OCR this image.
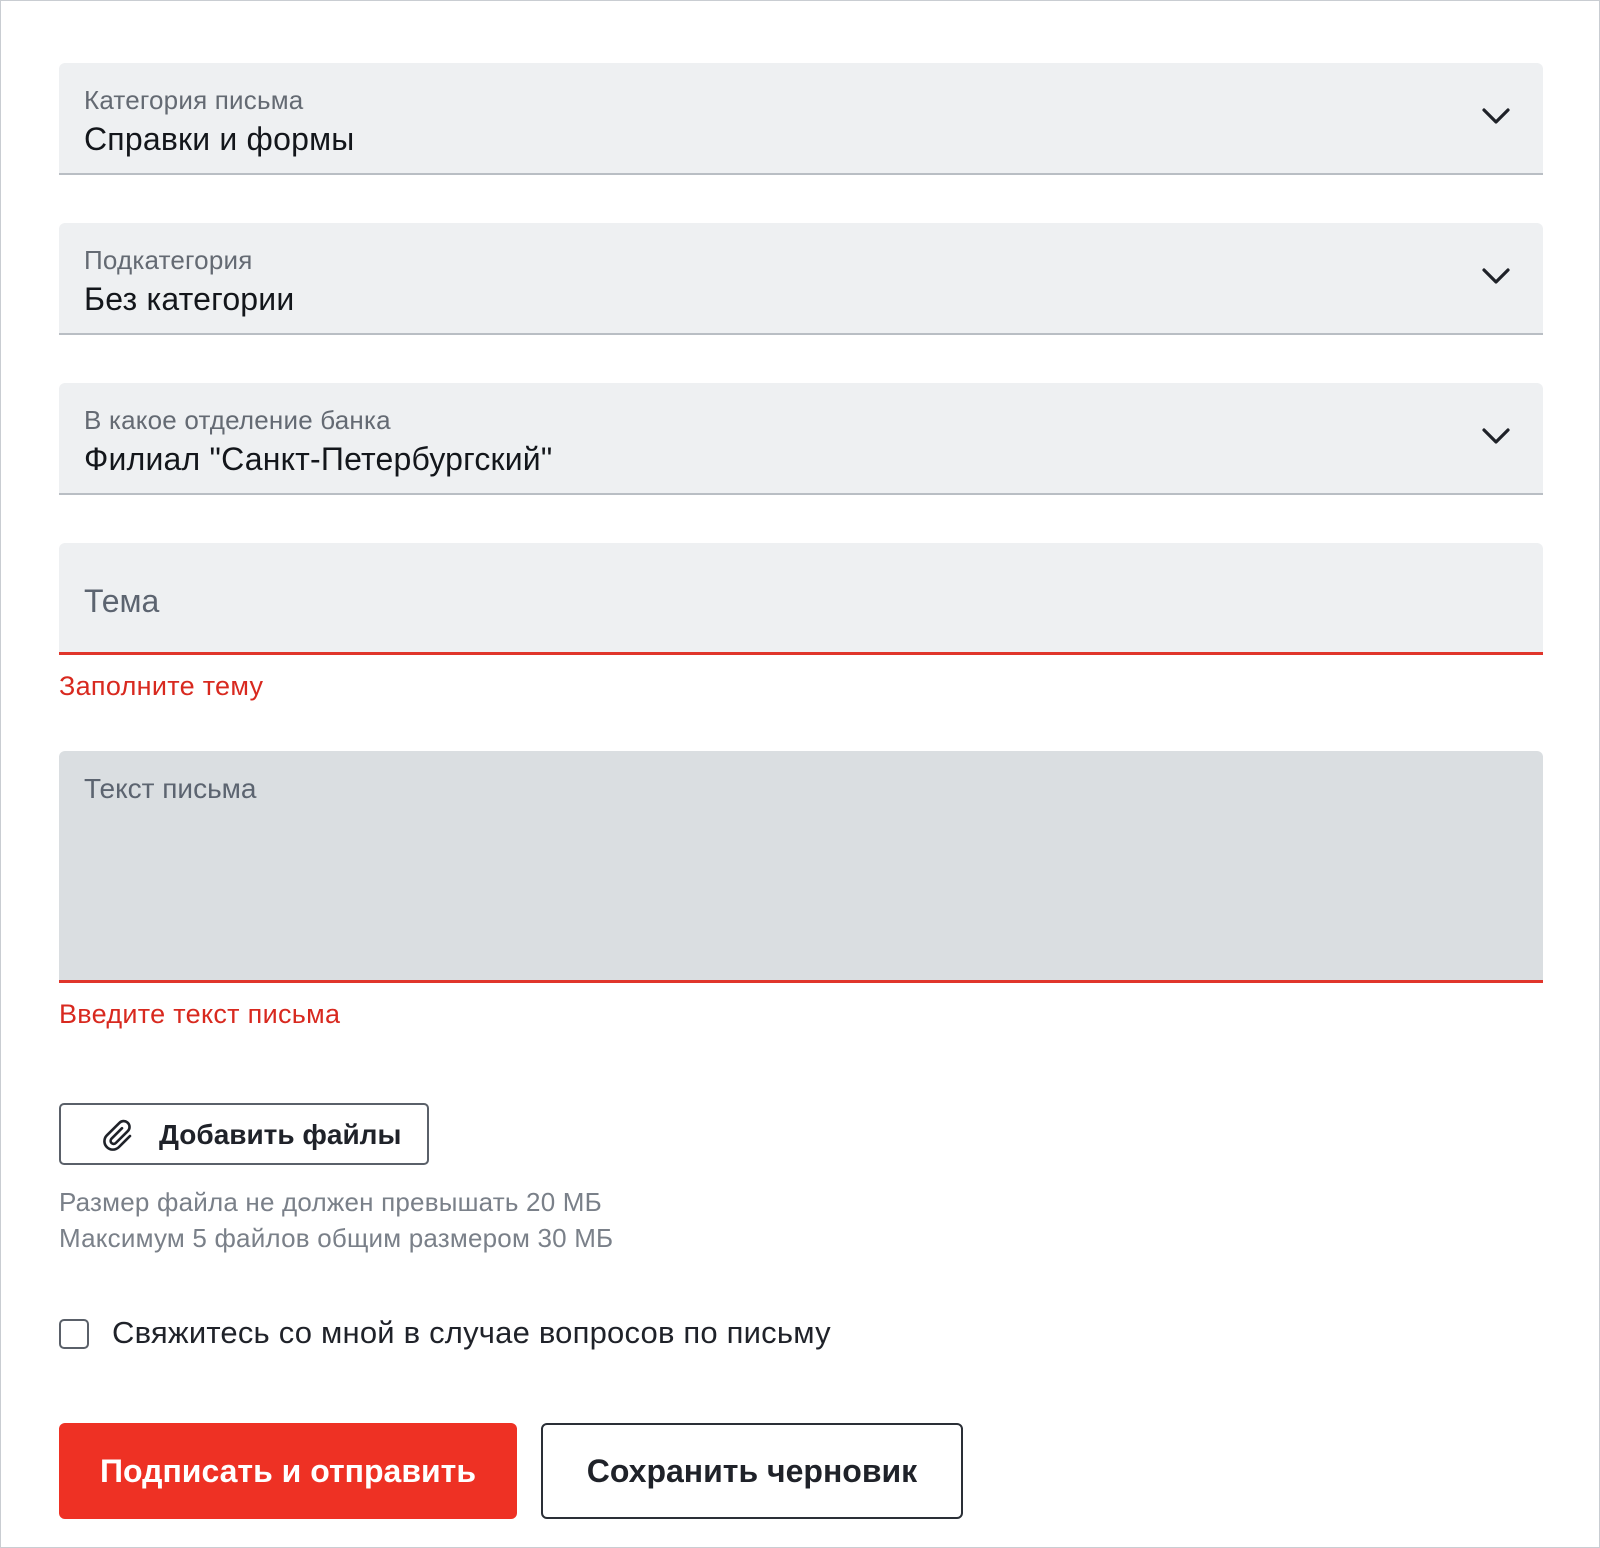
Категория письма
Справки и формы
Подкатегория
Без категории
В какое отделение банка
Филиал "Санкт-Петербургский"
Тема
Заполните тему
Текст письма
Введите текст письма
Добавить файлы
Размер файла не должен превышать 20 МБ
Максимум 5 файлов общим размером 30 МБ
Свяжитесь со мной в случае вопросов по письму
Подписать и отправить	Сохранить черновик
